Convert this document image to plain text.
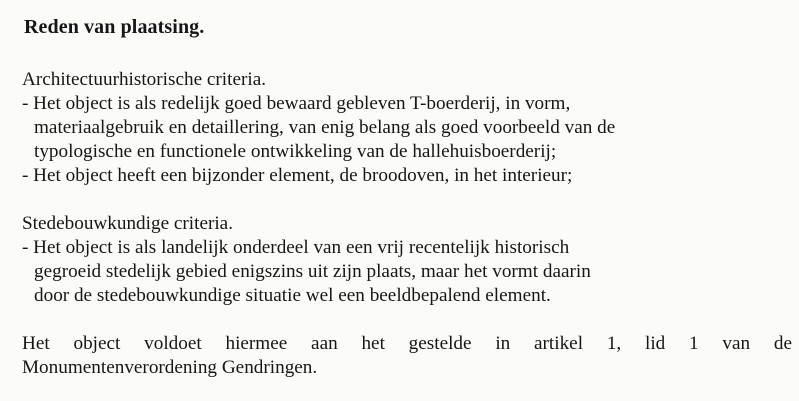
Reden van plaatsing.
Architectuurhistorische criteria.
- Het object is als redelijk goed bewaard gebleven T-boerderij, in vorm,
materiaalgebruik en detaillering, van enig belang als goed voorbeeld van de
typologische en functionele ontwikkeling van de hallehuisboerderij;
- Het object heeft een bijzonder element, de broodoven, in het interieur;
Stedebouwkundige criteria.
- Het object is als landelijk onderdeel van een vrij recentelijk historisch
gegroeid stedelijk gebied enigszins uit zijn plaats, maar het vormt daarin
door de stedebouwkundige situatie wel een beeldbepalend element.
Het object voldoet hiermee aan het gestelde in artikel 1, lid 1 van de
Monumentenverordening Gendringen.
